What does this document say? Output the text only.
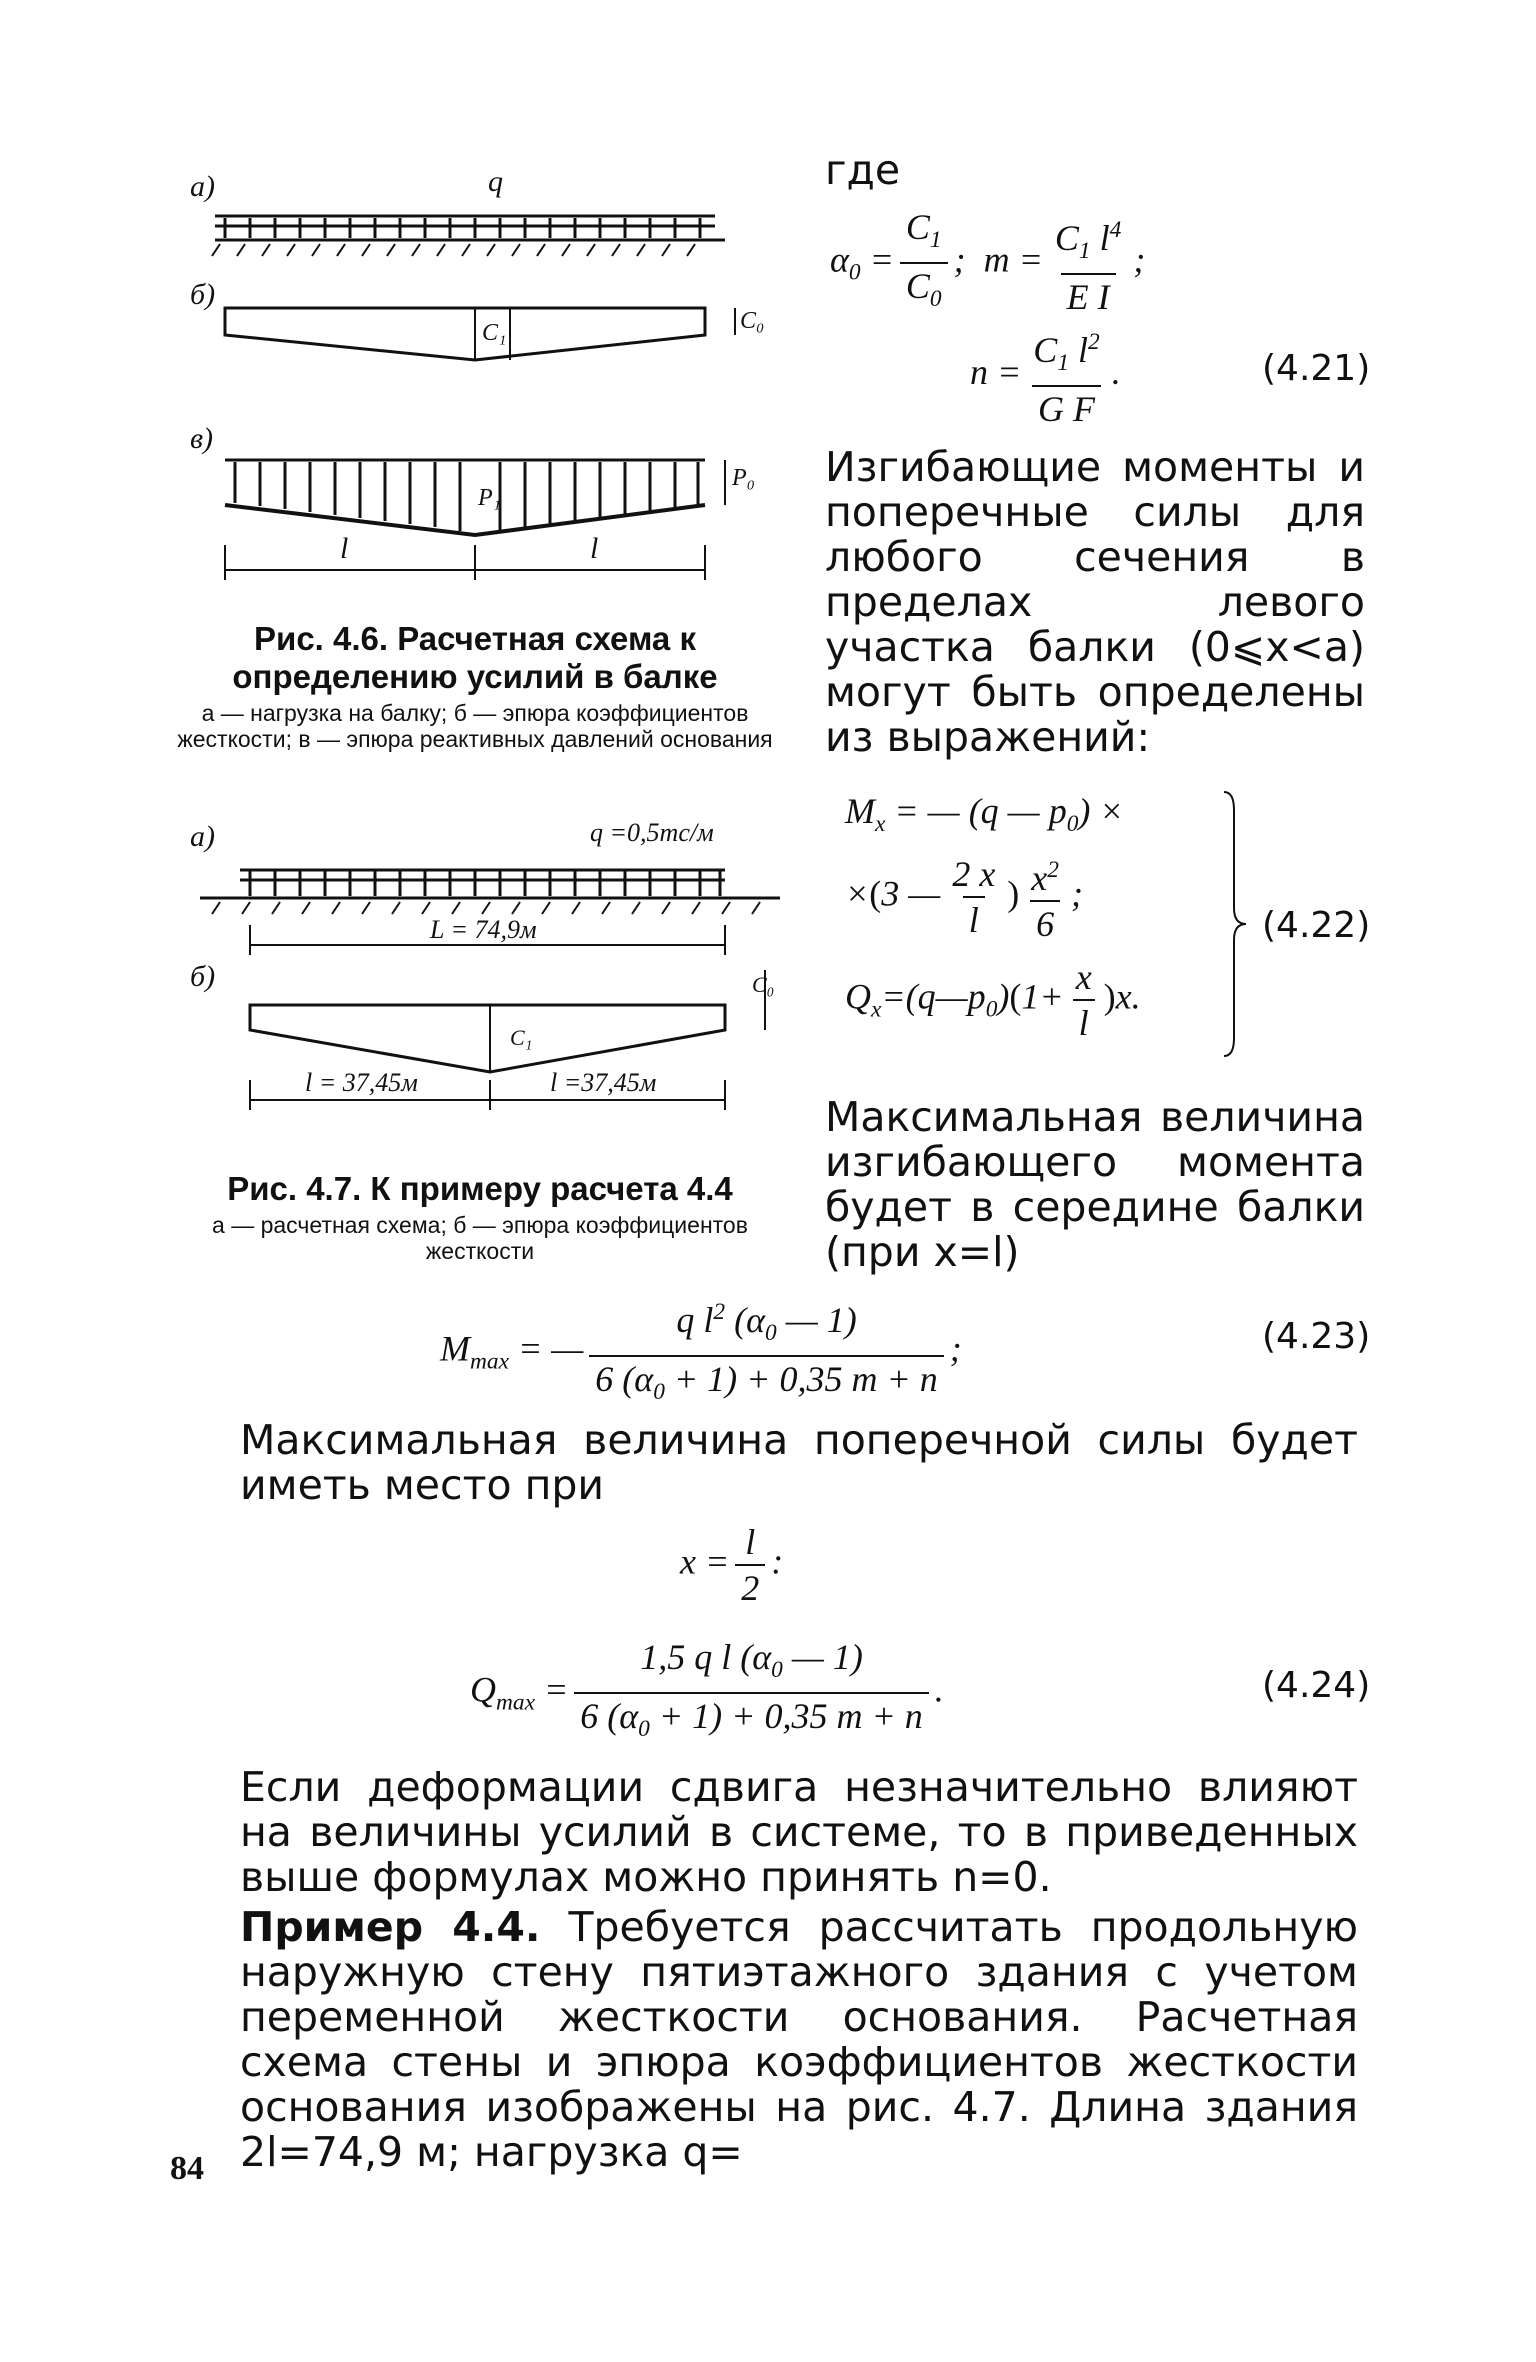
а)
б)
в)
q
C₁	C₀
P₁
P₀
l	l
Рис. 4.6. Расчетная схема к определению усилий в балке
а — нагрузка на балку; б — эпюра коэффициентов жесткости; в — эпюра реактивных давлений основания
а)
б)
q =0,5тс/м
L = 74,9м
C₀
C₁
l = 37,45м	l =37,45м
Рис. 4.7. К примеру расчета 4.4
а — расчетная схема; б — эпюра коэффициентов жесткости
где
$\alpha_0 = \frac{C_1}{C_0}$ ;  $m = \frac{C_1 l^4}{\text{E I}}$ ;
$n = \frac{C_1 l^2}{\text{G F}}$ .	(4.21)
Изгибающие моменты и поперечные силы для любого сечения в пределах левого участка балки (0⩽x<a) могут быть определены из выражений:
$M_x$ = — (q — $p_0$) ×
×(3 — $\frac{2 x}{l}$ ) $\frac{x^2}{6}$ ;
$Q_x=(q—p_0)(1+ \frac{x}{l} )x$.
(4.22)
Максимальная величина изгибающего момента будет в середине балки (при x=l)
$M_{max}$ = — $\frac{q l^2 (\alpha_0 — 1)}{6 (\alpha_0 + 1) + 0,35 m + n}$ ;	(4.23)
Максимальная величина поперечной силы будет иметь место при
$x = \frac{l}{2}$ :
$Q_{max} = \frac{1,5 q l (\alpha_0 — 1)}{6 (\alpha_0 + 1) + 0,35 m + n}$ .	(4.24)
Если деформации сдвига незначительно влияют на величины усилий в системе, то в приведенных выше формулах можно принять n=0.
Пример 4.4. Требуется рассчитать продольную наружную стену пятиэтажного здания с учетом переменной жесткости основания. Расчетная схема стены и эпюра коэффициентов жесткости основания изображены на рис. 4.7. Длина здания 2l=74,9 м; нагрузка q=
84
